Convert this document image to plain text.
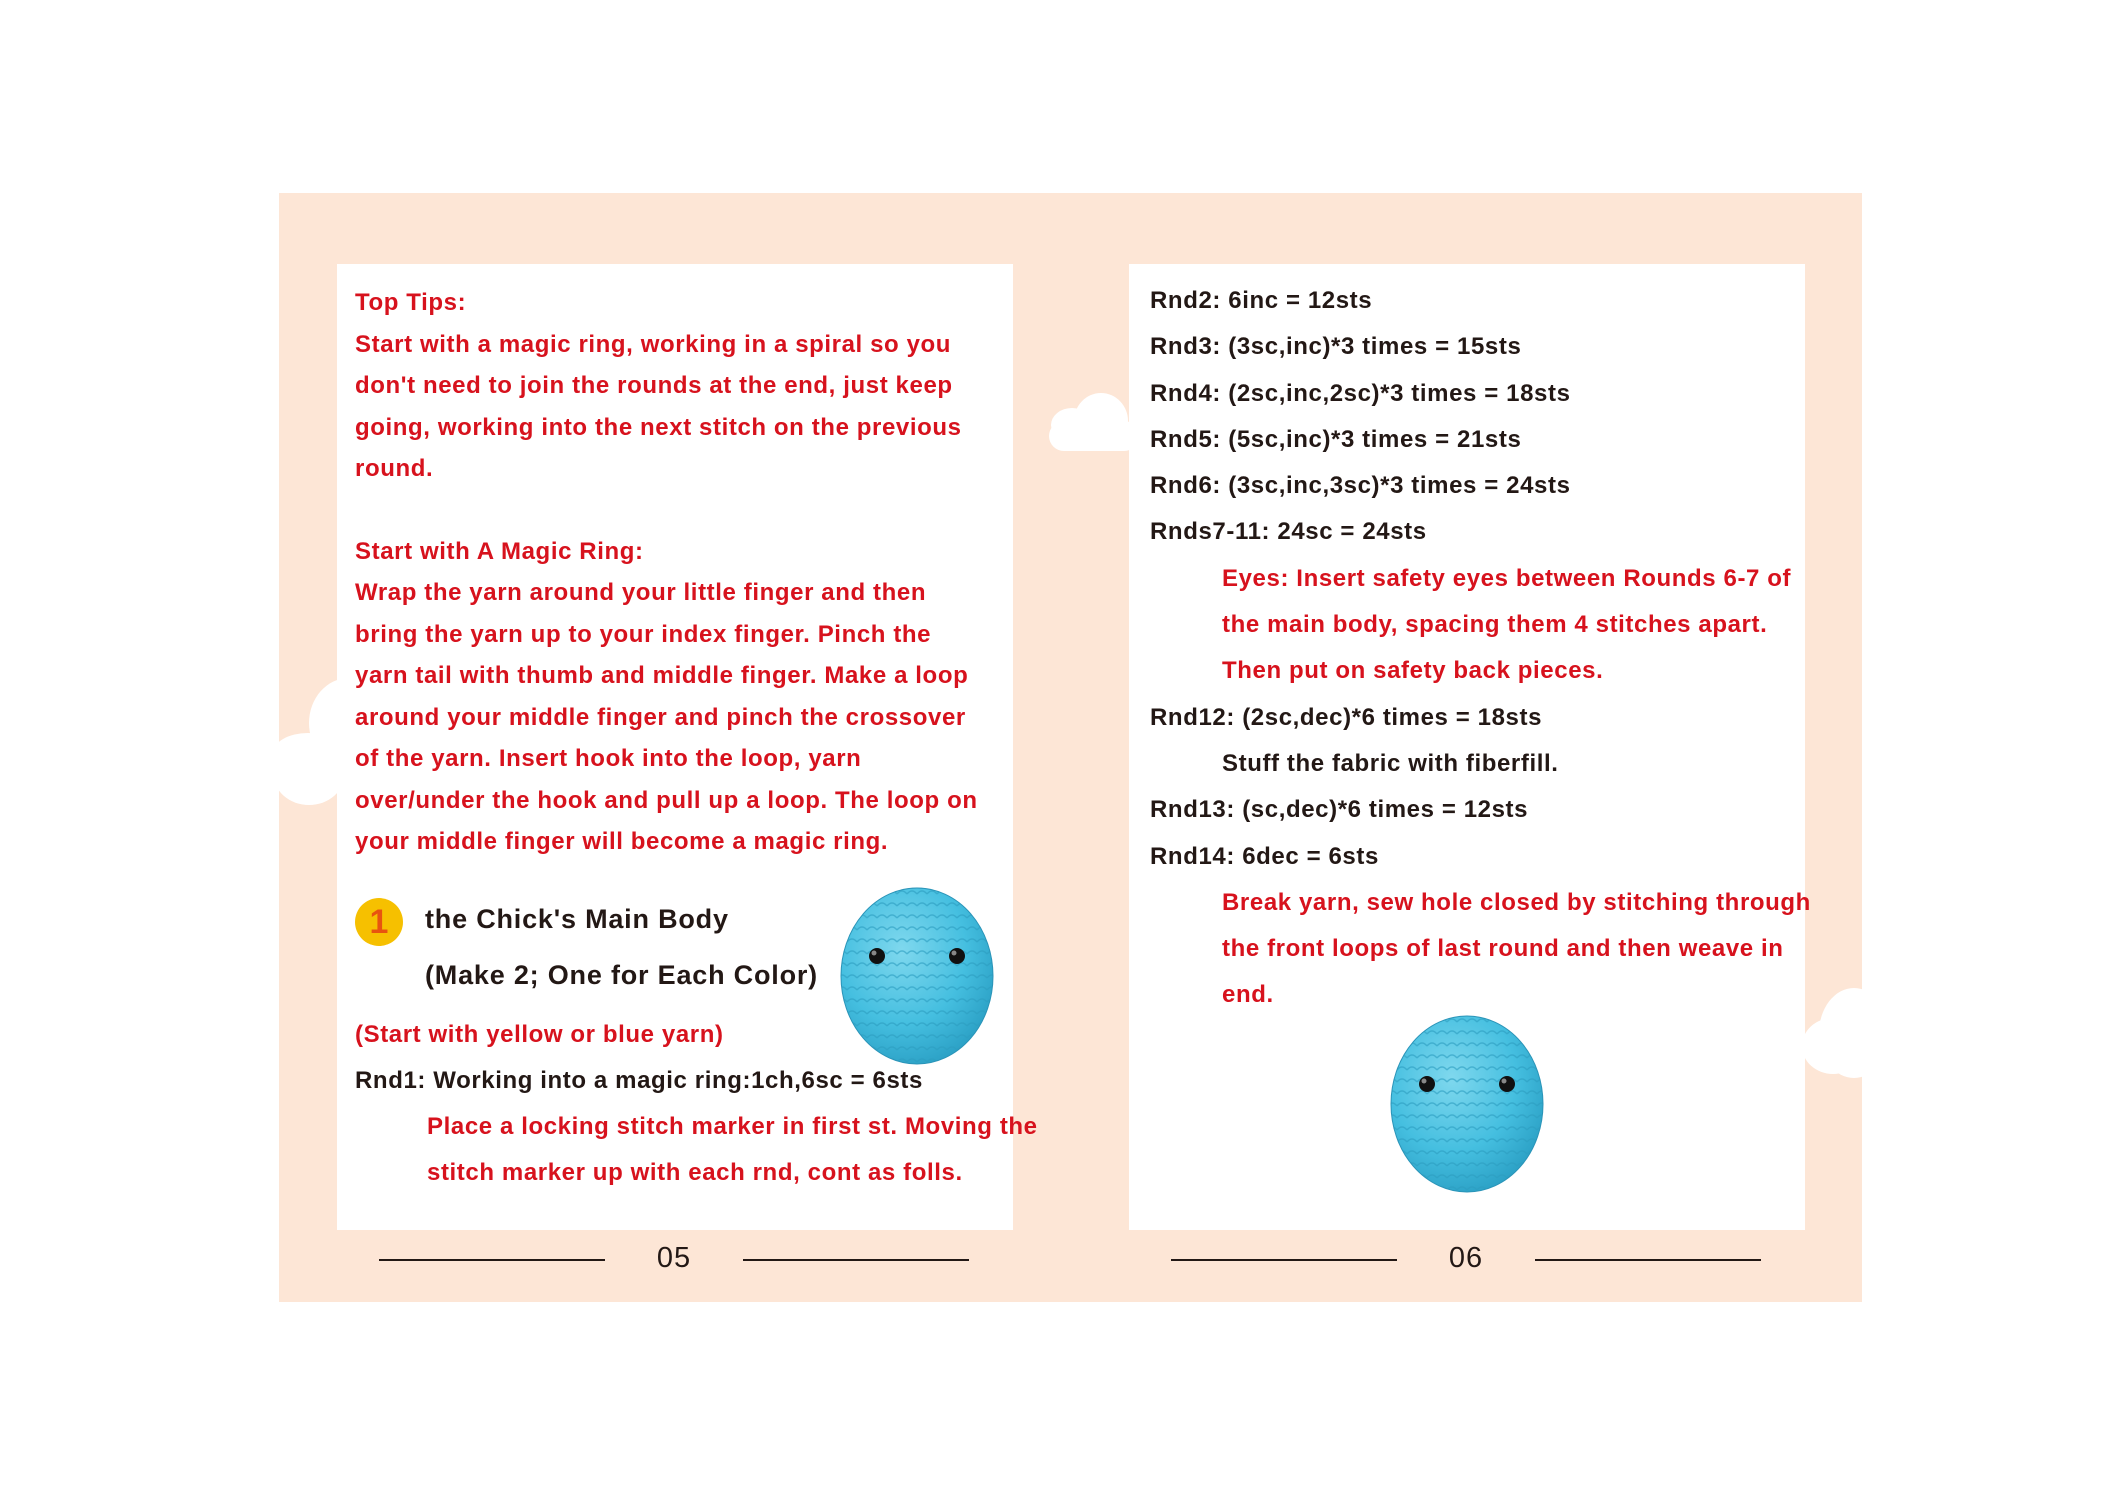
Top Tips:

Start with a magic ring, working in a spiral so you

don't need to join the rounds at the end, just keep

going, working into the next stitch on the previous

round.

Start with A Magic Ring:

Wrap the yarn around your little finger and then

bring the yarn up to your index finger. Pinch the

yarn tail with thumb and middle finger. Make a loop

around your middle finger and pinch the crossover

of the yarn. Insert hook into the loop, yarn

over/under the hook and pull up a loop. The loop on

your middle finger will become a magic ring.

1	the Chick's Main Body
(Make 2; One for Each Color)

(Start with yellow or blue yarn)

Rnd1: Working into a magic ring:1ch,6sc = 6sts

Place a locking stitch marker in first st. Moving the

stitch marker up with each rnd, cont as folls.

Rnd2: 6inc = 12sts

Rnd3: (3sc,inc)*3 times = 15sts

Rnd4: (2sc,inc,2sc)*3 times = 18sts

Rnd5: (5sc,inc)*3 times = 21sts

Rnd6: (3sc,inc,3sc)*3 times = 24sts

Rnds7-11: 24sc = 24sts

Eyes: Insert safety eyes between Rounds 6-7 of

the main body, spacing them 4 stitches apart.

Then put on safety back pieces.

Rnd12: (2sc,dec)*6 times = 18sts

Stuff the fabric with fiberfill.

Rnd13: (sc,dec)*6 times = 12sts

Rnd14: 6dec = 6sts

Break yarn, sew hole closed by stitching through

the front loops of last round and then weave in

end.

05	06
